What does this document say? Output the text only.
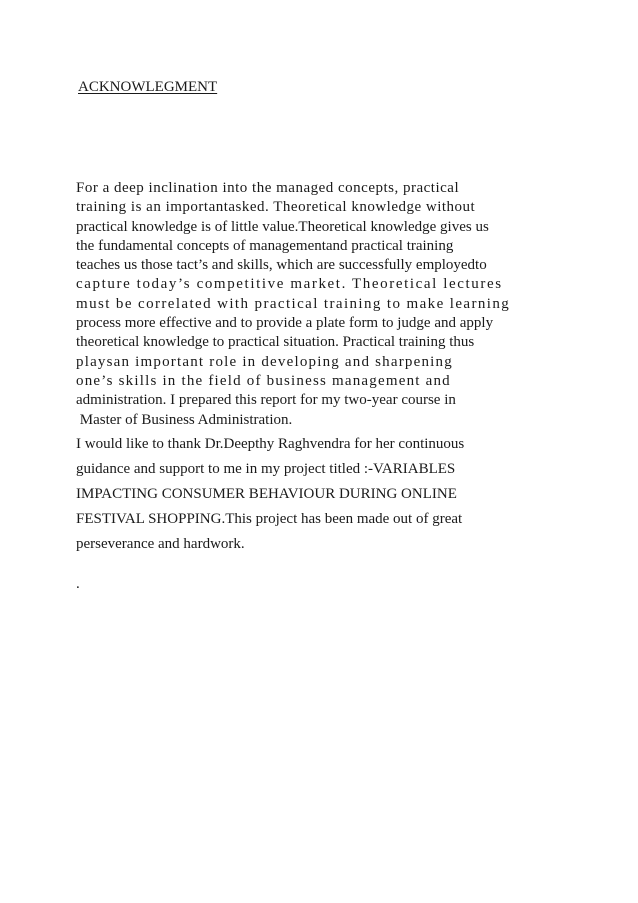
ACKNOWLEGMENT
For a deep inclination into the managed concepts, practical
training is an importantasked. Theoretical knowledge without
practical knowledge is of little value.Theoretical knowledge gives us
the fundamental concepts of managementand practical training
teaches us those tact’s and skills, which are successfully employedto
capture today’s competitive market. Theoretical lectures
must be correlated with practical training to make learning
process more effective and to provide a plate form to judge and apply
theoretical knowledge to practical situation. Practical training thus
playsan important role in developing and sharpening
one’s skills in the field of business management and
administration. I prepared this report for my two-year course in
Master of Business Administration.
I would like to thank Dr.Deepthy Raghvendra for her continuous
guidance and support to me in my project titled :-VARIABLES
IMPACTING CONSUMER BEHAVIOUR DURING ONLINE
FESTIVAL SHOPPING.This project has been made out of great
perseverance and hardwork.
.
